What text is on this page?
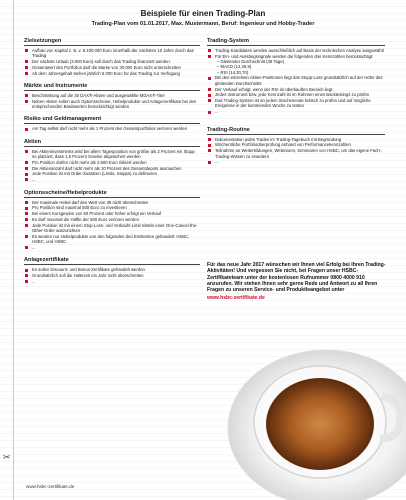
Beispiele für einen Trading-Plan
Trading-Plan vom 01.01.2017, Max. Mustermann, Beruf: Ingenieur und Hobby-Trader
Zielsetzungen
Aufbau von Kapital z. B. v. 8.100.000 Euro innerhalb der nächsten 10 Jahre durch das Trading
Der nächste Urlaub (3.000 Euro) soll durch das Trading finanziert werden
Gesamtwert des Portfolios darf die Marke von 30.000 Euro nicht unterschreiten
Ab dem Jahresgehalt stehen jährlich 5.000 Euro für das Trading zur Verfügung
Märkte und Instrumente
Beschränkung auf die 30 DAX®-Aktien und ausgewählte MDAX®-Titel
Neben Aktien sollen auch Optionsscheine, Hebelprodukte und Anlagezertifikate bei den entsprechenden Basiswerten berücksichtigt werden
Risiko und Geldmanagement
Am Tag selbst darf nicht mehr als 1 Prozent des Gesamtportfolios verloren werden
Aktien
Bei Aktieninvestments wird bei allem Tagesposition von größer als 2 Prozent ein Stopp so platziert, dass 1,5 Prozent Gewinn abgesichert werden
Pro Position dürfen nicht mehr als 2.500 Euro riskiert werden
Die Aktienanzahl darf nicht mehr als 10 Prozent des Gesamtdepots ausmachen
Jede Position ist mit Order-Zusätzen (Limits, Stopps) zu definieren
...
Optionsscheine/Hebelprodukte
Der maximale Hebel darf den Wert von 30 nicht überschreiten
Pro Position sind maximal 500 Euro zu investieren
Bei einem Kursgewinn von 50 Prozent oder höher erfolgt ein Verkauf
Es darf maximal die Hälfte der 500 Euro verloren werden
Jede Position ist mit einem Stop-Loss- und Verkaufs-Limit mittels einer One-Cancel-the-Other-Order auszurichten
Es werden nur Hebelprodukte von den folgenden drei Emittenten gehandelt: HSBC, HSBC, und HSBC
...
Anlagezertifikate
Es sollen Discount- und Bonus-Zertifikate gehandelt werden
Grundsätzlich soll die Haltezeit ein Jahr nicht überschreiten
...
Trading-System
Trading-Kandidaten werden ausschließlich auf Basis der technischen Analyse ausgewählt
Für Ein- und Ausstiegssignale werden die folgenden drei Kennzahlen berücksichtigt:
– Gleitender Durchschnitt (38 Tage)
– MACD (12,26,9)
– RSI (14,30,70)
Bei den einzelnen Aktien-Positionen liegt das Stopp-Loss grundsätzlich auf der Höhe des gleitenden Durchschnitts
Der Verkauf erfolgt, wenn der RSI im überkauften Bereich liegt
Jedes Instrument bzw. jede Kennzahl ist im Rahmen eines Backtestings zu prüfen
Das Trading-System ist an jedem Wochenende kritisch zu prüfen und auf mögliche Ereignisse in der kommenden Woche zu testen
...
Trading-Routine
Dokumentation jedes Trades im Trading-Tagebuch mit Begründung
Wöchentliche Portfolioüberprüfung anhand von Performancekennzahlen
Teilnahme an Weiterbildungen, Webinaren, Seminaren von HSBC, um das eigene Fach-, Trading-Wissen zu erweitern
...
Für das neue Jahr 2017 wünschen wir Ihnen viel Erfolg bei Ihren Trading-Aktivitäten! Und vergessen Sie nicht, bei Fragen unser HSBC-Zertifikateteam unter der kostenlosen Rufnummer 0800 4000 910 anzurufen. Wir stehen Ihnen sehr gerne Rede und Antwort zu all Ihren Fragen zu unseren Service- und Produktleangebot unter
www.hsbc-zertifikate.de
✂
www.hsbc-zertifikate.de
